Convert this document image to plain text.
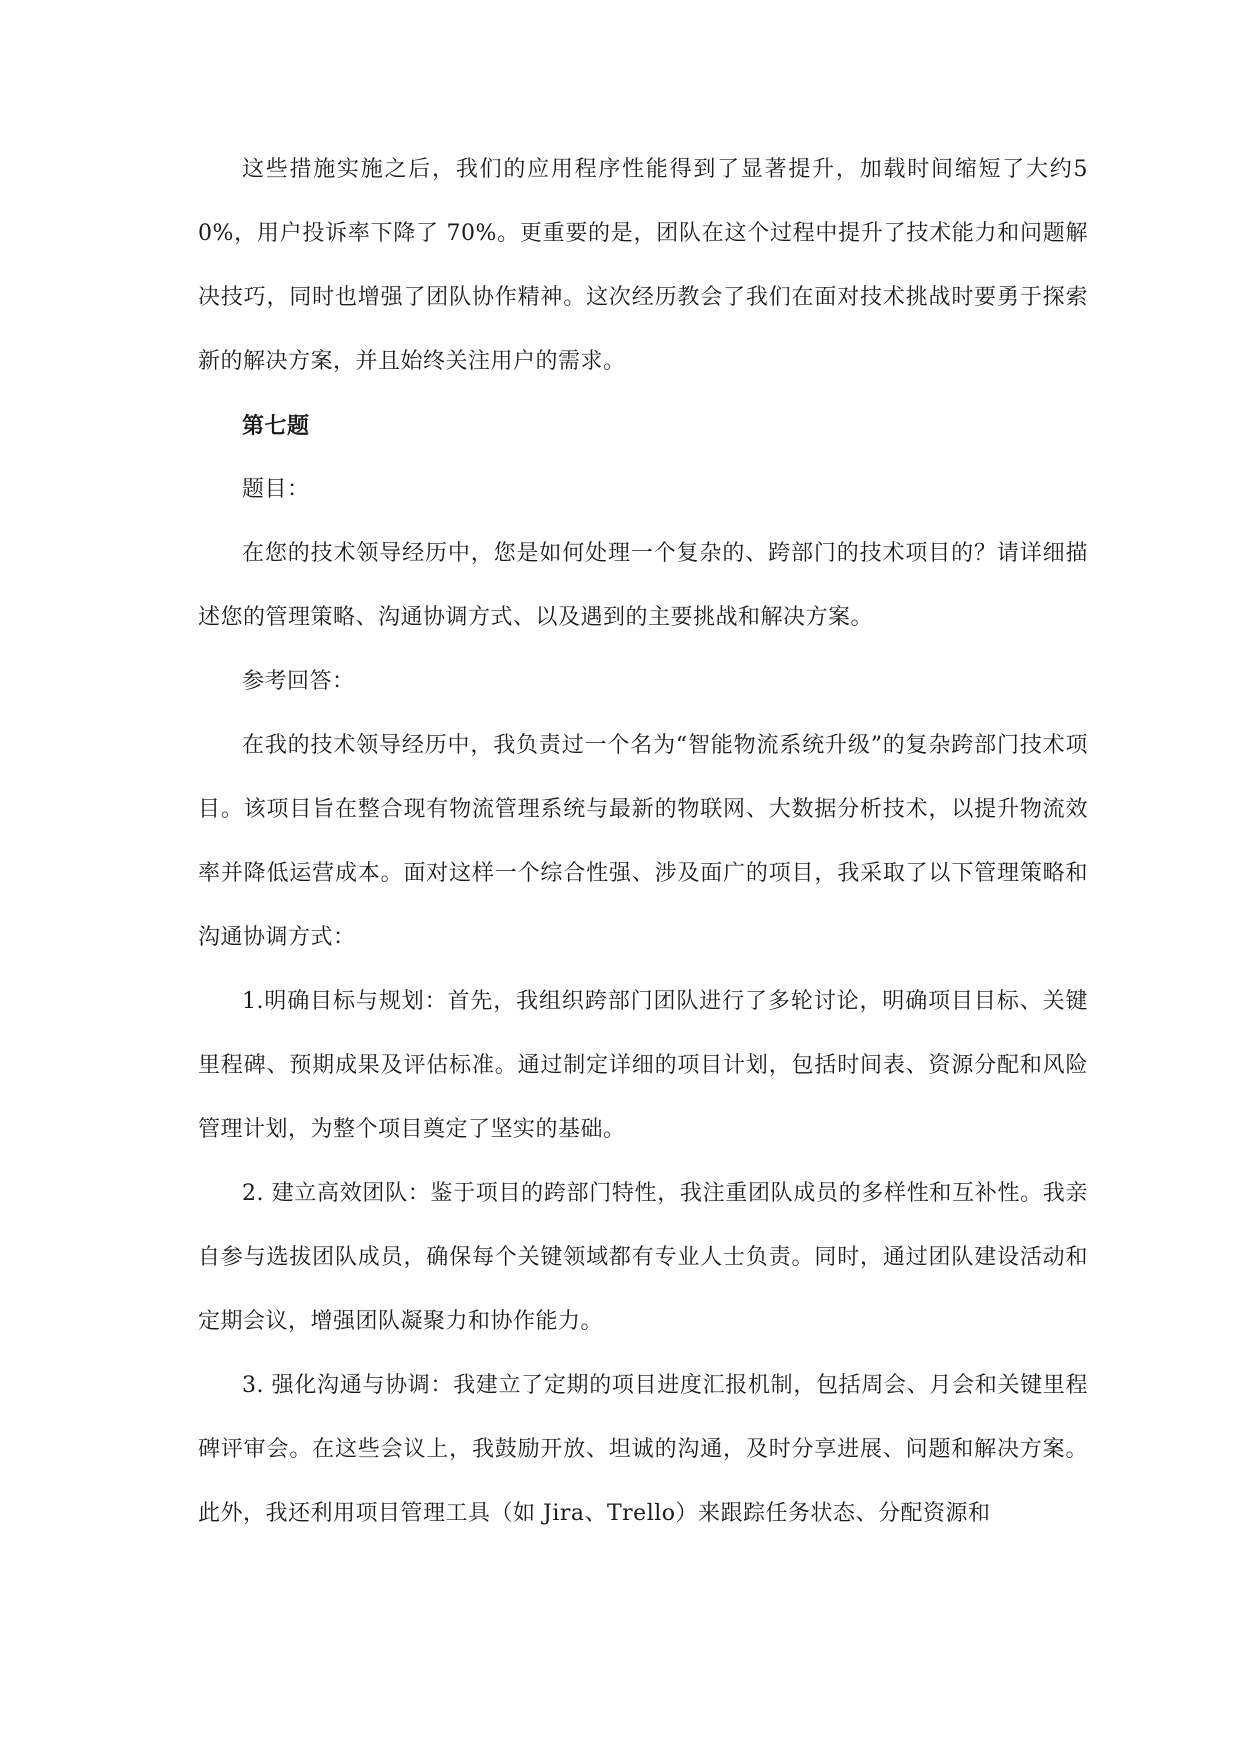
这些措施实施之后，我们的应用程序性能得到了显著提升，加载时间缩短了大约50%，用户投诉率下降了 70%。更重要的是，团队在这个过程中提升了技术能力和问题解决技巧，同时也增强了团队协作精神。这次经历教会了我们在面对技术挑战时要勇于探索新的解决方案，并且始终关注用户的需求。

第七题

题目：

在您的技术领导经历中，您是如何处理一个复杂的、跨部门的技术项目的？请详细描述您的管理策略、沟通协调方式、以及遇到的主要挑战和解决方案。

参考回答：

在我的技术领导经历中，我负责过一个名为“智能物流系统升级”的复杂跨部门技术项目。该项目旨在整合现有物流管理系统与最新的物联网、大数据分析技术，以提升物流效率并降低运营成本。面对这样一个综合性强、涉及面广的项目，我采取了以下管理策略和沟通协调方式：

1.明确目标与规划：首先，我组织跨部门团队进行了多轮讨论，明确项目目标、关键里程碑、预期成果及评估标准。通过制定详细的项目计划，包括时间表、资源分配和风险管理计划，为整个项目奠定了坚实的基础。

2. 建立高效团队：鉴于项目的跨部门特性，我注重团队成员的多样性和互补性。我亲自参与选拔团队成员，确保每个关键领域都有专业人士负责。同时，通过团队建设活动和定期会议，增强团队凝聚力和协作能力。

3. 强化沟通与协调：我建立了定期的项目进度汇报机制，包括周会、月会和关键里程碑评审会。在这些会议上，我鼓励开放、坦诚的沟通，及时分享进展、问题和解决方案。此外，我还利用项目管理工具（如 Jira、Trello）来跟踪任务状态、分配资源和
